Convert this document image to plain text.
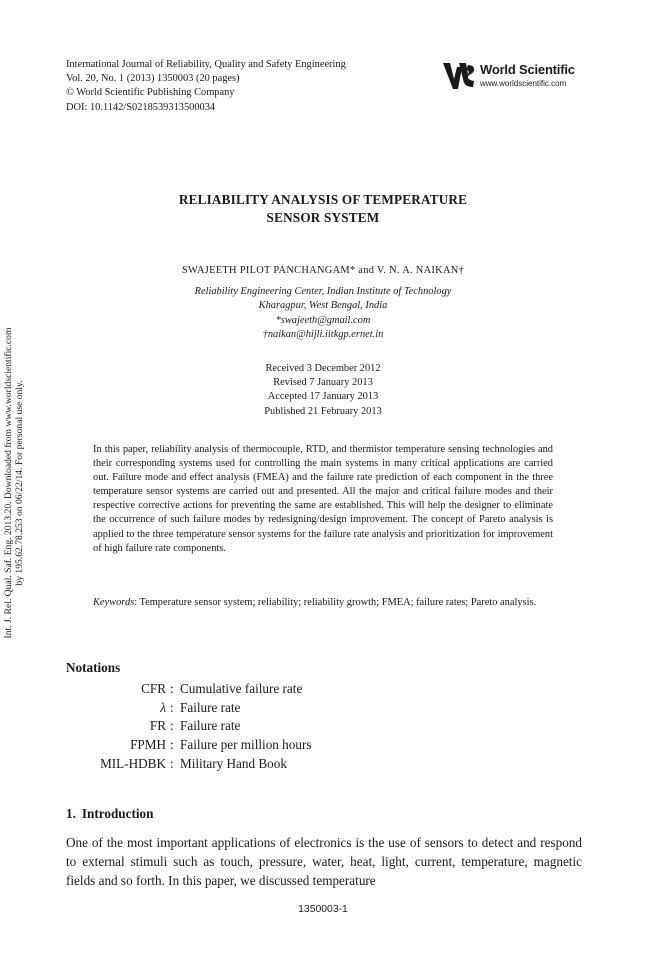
International Journal of Reliability, Quality and Safety Engineering
Vol. 20, No. 1 (2013) 1350003 (20 pages)
© World Scientific Publishing Company
DOI: 10.1142/S0218539313500034
World Scientific
www.worldscientific.com
RELIABILITY ANALYSIS OF TEMPERATURE
SENSOR SYSTEM
SWAJEETH PILOT PANCHANGAM* and V. N. A. NAIKAN†
Reliability Engineering Center, Indian Institute of Technology
Kharagpur, West Bengal, India
*swajeeth@gmail.com
†naikan@hijli.iitkgp.ernet.in
Received 3 December 2012
Revised 7 January 2013
Accepted 17 January 2013
Published 21 February 2013
In this paper, reliability analysis of thermocouple, RTD, and thermistor temperature sensing technologies and their corresponding systems used for controlling the main systems in many critical applications are carried out. Failure mode and effect analysis (FMEA) and the failure rate prediction of each component in the three temperature sensor systems are carried out and presented. All the major and critical failure modes and their respective corrective actions for preventing the same are established. This will help the designer to eliminate the occurrence of such failure modes by redesigning/design improvement. The concept of Pareto analysis is applied to the three temperature sensor systems for the failure rate analysis and prioritization for improvement of high failure rate components.
Keywords: Temperature sensor system; reliability; reliability growth; FMEA; failure rates; Pareto analysis.
Int. J. Rel. Qual. Saf. Eng. 2013.20. Downloaded from www.worldscientific.com by 195.62.78.253 on 06/22/14. For personal use only.
Notations
CFR : Cumulative failure rate
λ : Failure rate
FR : Failure rate
FPMH : Failure per million hours
MIL-HDBK : Military Hand Book
1. Introduction
One of the most important applications of electronics is the use of sensors to detect and respond to external stimuli such as touch, pressure, water, heat, light, current, temperature, magnetic fields and so forth. In this paper, we discussed temperature
1350003-1
